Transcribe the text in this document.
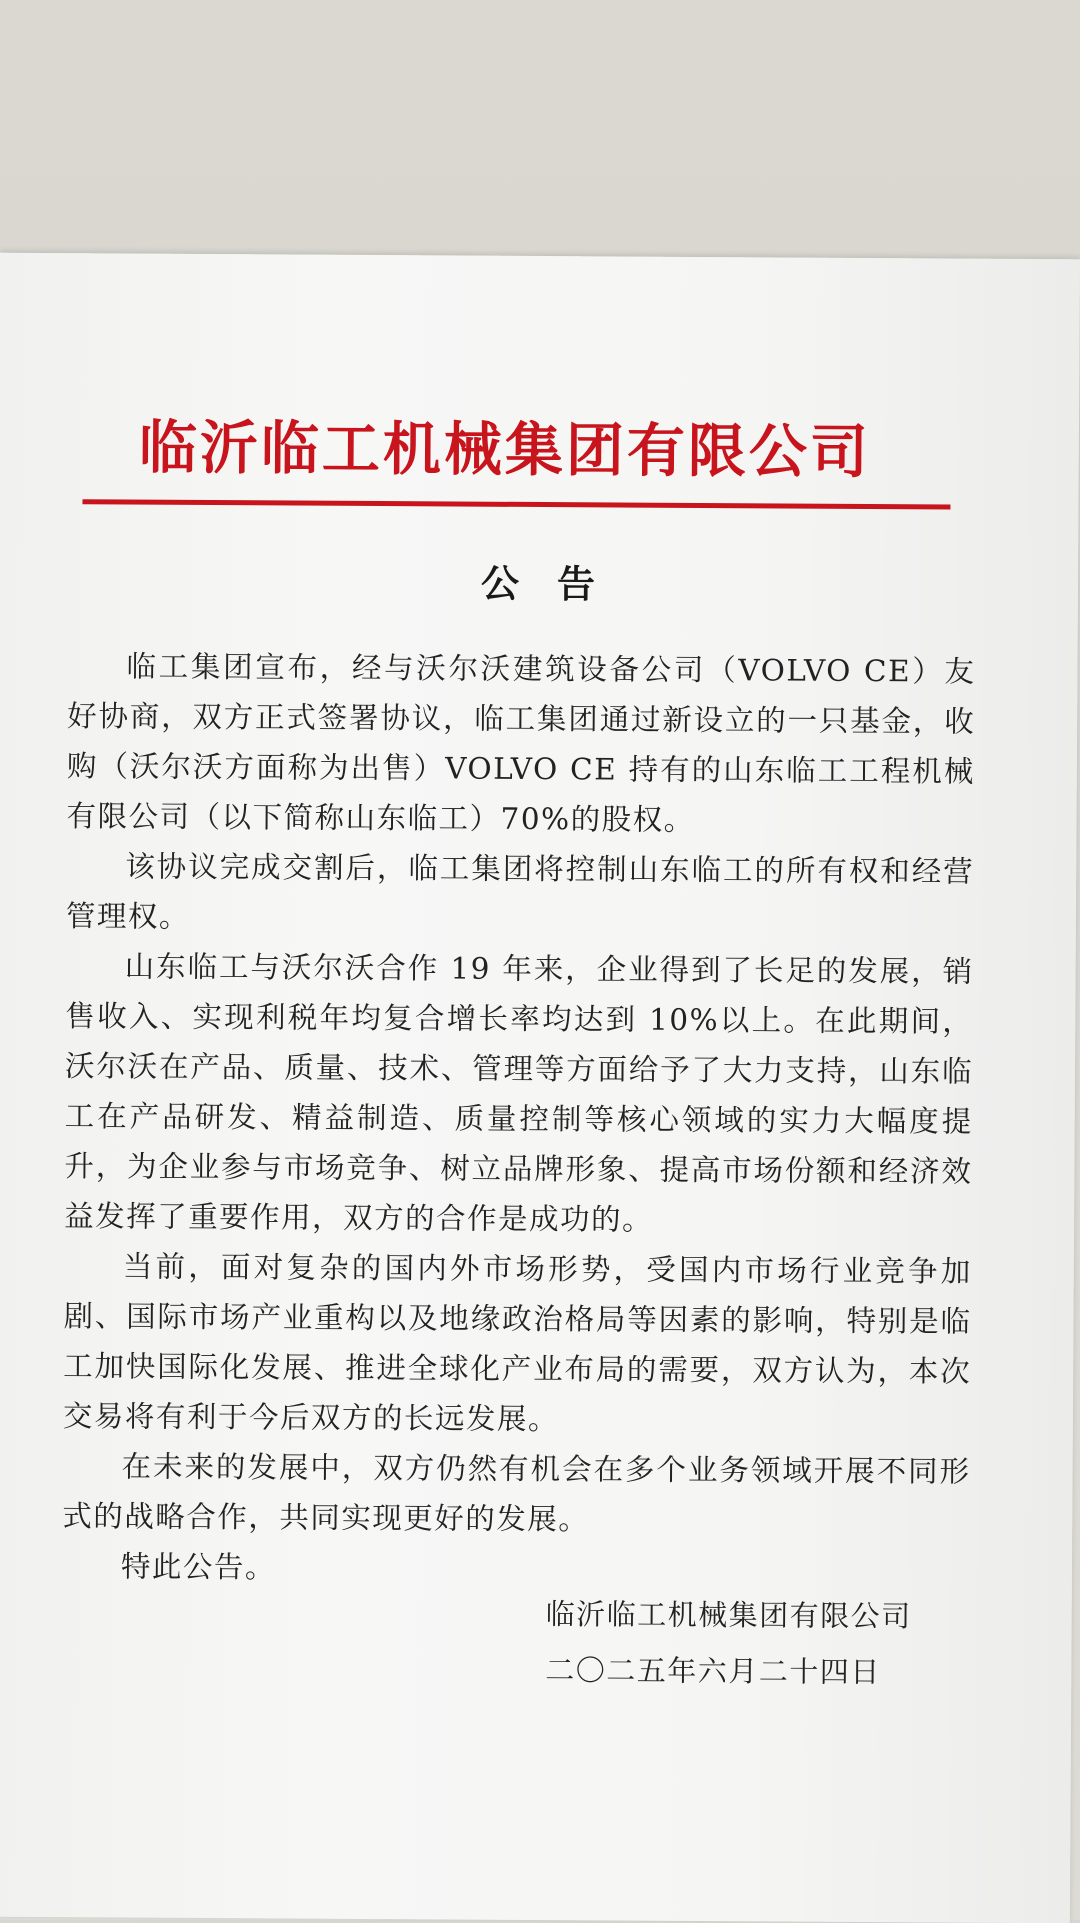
临沂临工机械集团有限公司
公告

临工集团宣布，经与沃尔沃建筑设备公司（VOLVO CE）友好协商，双方正式签署协议，临工集团通过新设立的一只基金，收购（沃尔沃方面称为出售）VOLVO CE 持有的山东临工工程机械有限公司（以下简称山东临工）70%的股权。

该协议完成交割后，临工集团将控制山东临工的所有权和经营管理权。

山东临工与沃尔沃合作 19 年来，企业得到了长足的发展，销售收入、实现利税年均复合增长率均达到 10%以上。在此期间，沃尔沃在产品、质量、技术、管理等方面给予了大力支持，山东临工在产品研发、精益制造、质量控制等核心领域的实力大幅度提升，为企业参与市场竞争、树立品牌形象、提高市场份额和经济效益发挥了重要作用，双方的合作是成功的。

当前，面对复杂的国内外市场形势，受国内市场行业竞争加剧、国际市场产业重构以及地缘政治格局等因素的影响，特别是临工加快国际化发展、推进全球化产业布局的需要，双方认为，本次交易将有利于今后双方的长远发展。

在未来的发展中，双方仍然有机会在多个业务领域开展不同形式的战略合作，共同实现更好的发展。

特此公告。

临沂临工机械集团有限公司
二〇二五年六月二十四日
